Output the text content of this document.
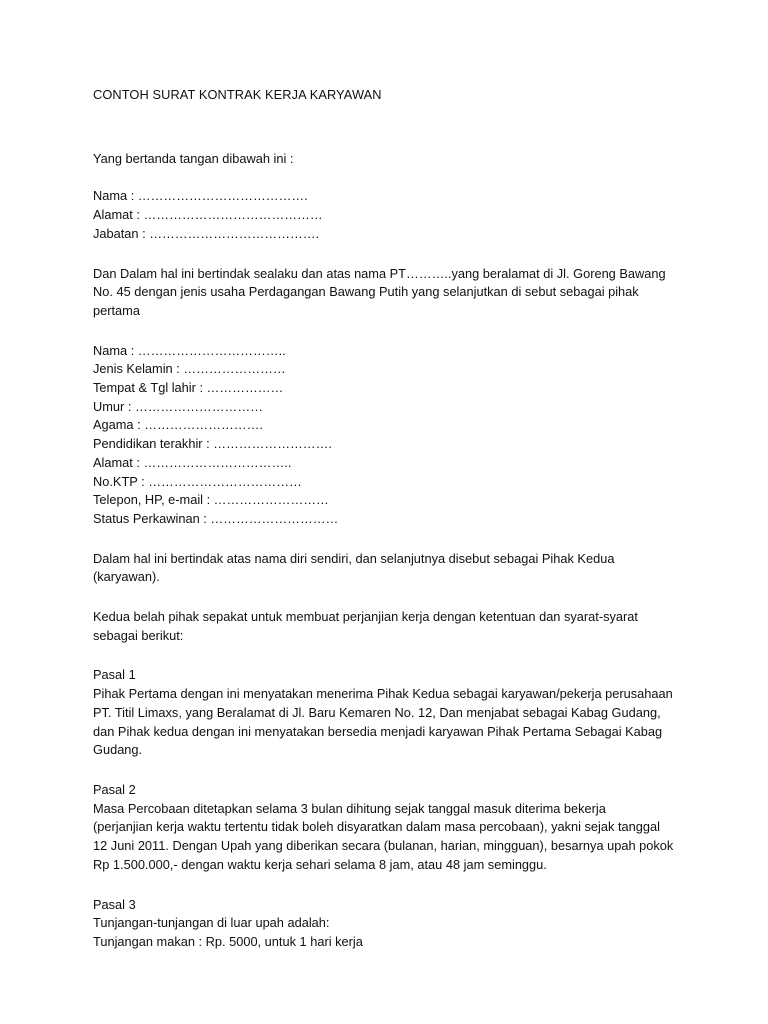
CONTOH SURAT KONTRAK KERJA KARYAWAN
Yang bertanda tangan dibawah ini :
Nama : ………………………………….
Alamat : ……………………………………
Jabatan : ………………………………….
Dan Dalam hal ini bertindak sealaku dan atas nama PT………..yang beralamat di Jl. Goreng Bawang
No. 45 dengan jenis usaha Perdagangan Bawang Putih yang selanjutkan di sebut sebagai pihak
pertama
Nama : ……………………………..
Jenis Kelamin : ……………………
Tempat & Tgl lahir : ………………
Umur : …………………………
Agama : ……………………….
Pendidikan terakhir : ……………………….
Alamat : ……………………………..
No.KTP : ………………………………
Telepon, HP, e-mail : ………………………
Status Perkawinan : …………………………
Dalam hal ini bertindak atas nama diri sendiri, dan selanjutnya disebut sebagai Pihak Kedua
(karyawan).
Kedua belah pihak sepakat untuk membuat perjanjian kerja dengan ketentuan dan syarat-syarat
sebagai berikut:
Pasal 1
Pihak Pertama dengan ini menyatakan menerima Pihak Kedua sebagai karyawan/pekerja perusahaan
PT. Titil Limaxs, yang Beralamat di Jl. Baru Kemaren No. 12, Dan menjabat sebagai Kabag Gudang,
dan Pihak kedua dengan ini menyatakan bersedia menjadi karyawan Pihak Pertama Sebagai Kabag
Gudang.
Pasal 2
Masa Percobaan ditetapkan selama 3 bulan dihitung sejak tanggal masuk diterima bekerja
(perjanjian kerja waktu tertentu tidak boleh disyaratkan dalam masa percobaan), yakni sejak tanggal
12 Juni 2011. Dengan Upah yang diberikan secara (bulanan, harian, mingguan), besarnya upah pokok
Rp 1.500.000,- dengan waktu kerja sehari selama 8 jam, atau 48 jam seminggu.
Pasal 3
Tunjangan-tunjangan di luar upah adalah:
Tunjangan makan : Rp. 5000, untuk 1 hari kerja
